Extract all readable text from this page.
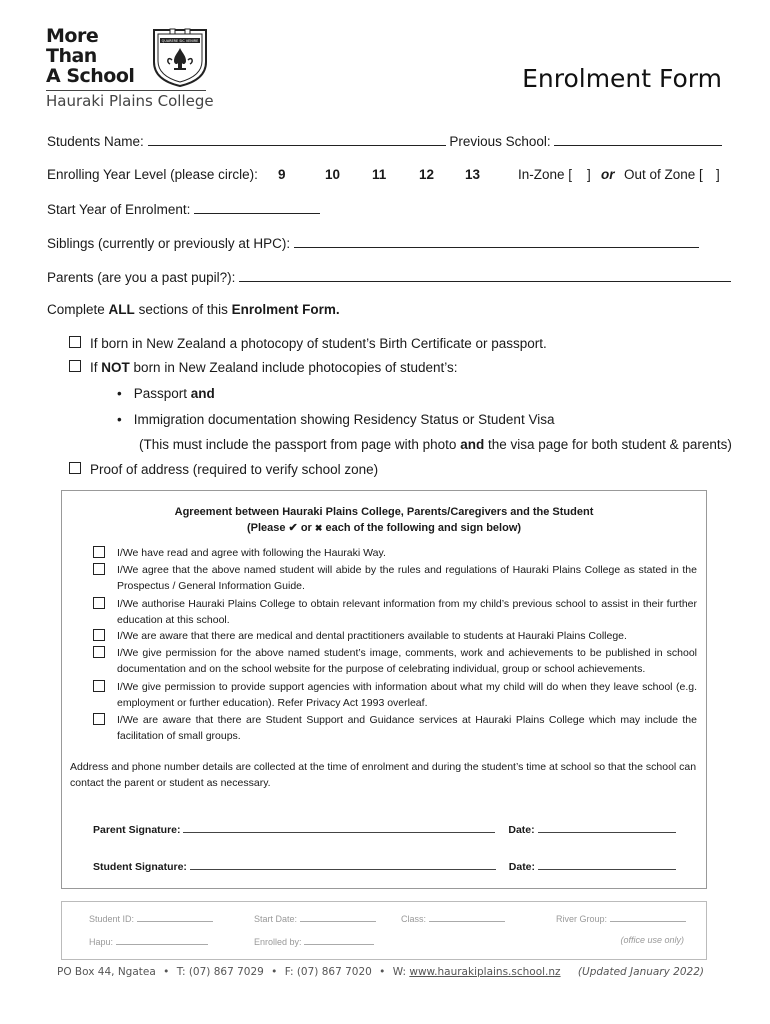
More
Than
A School
QUARERE SIC VENIRE
Hauraki Plains College
Enrolment Form
Students Name:	Previous School:
Enrolling Year Level (please circle): 9	10 11 12 13	In-Zone [ ] or Out of Zone [ ]
Start Year of Enrolment:
Siblings (currently or previously at HPC):
Parents (are you a past pupil?):
Complete ALL sections of this Enrolment Form.
If born in New Zealand a photocopy of student’s Birth Certificate or passport.
If NOT born in New Zealand include photocopies of student’s:
• Passport and
• Immigration documentation showing Residency Status or Student Visa
(This must include the passport from page with photo and the visa page for both student & parents)
Proof of address (required to verify school zone)
Agreement between Hauraki Plains College, Parents/Caregivers and the Student
(Please ✔ or ✖ each of the following and sign below)
I/We have read and agree with following the Hauraki Way.
I/We agree that the above named student will abide by the rules and regulations of Hauraki Plains College as stated in the Prospectus / General Information Guide.
I/We authorise Hauraki Plains College to obtain relevant information from my child’s previous school to assist in their further education at this school.
I/We are aware that there are medical and dental practitioners available to students at Hauraki Plains College.
I/We give permission for the above named student’s image, comments, work and achievements to be published in school documentation and on the school website for the purpose of celebrating individual, group or school achievements.
I/We give permission to provide support agencies with information about what my child will do when they leave school (e.g. employment or further education). Refer Privacy Act 1993 overleaf.
I/We are aware that there are Student Support and Guidance services at Hauraki Plains College which may include the facilitation of small groups.
Address and phone number details are collected at the time of enrolment and during the student’s time at school so that the school can contact the parent or student as necessary.
Parent Signature:	Date:
Student Signature:	Date:
Student ID:	Start Date:	Class:	River Group:
Hapu:	Enrolled by:	(office use only)
PO Box 44, Ngatea • T: (07) 867 7029 • F: (07) 867 7020 • W: www.haurakiplains.school.nz (Updated January 2022)
